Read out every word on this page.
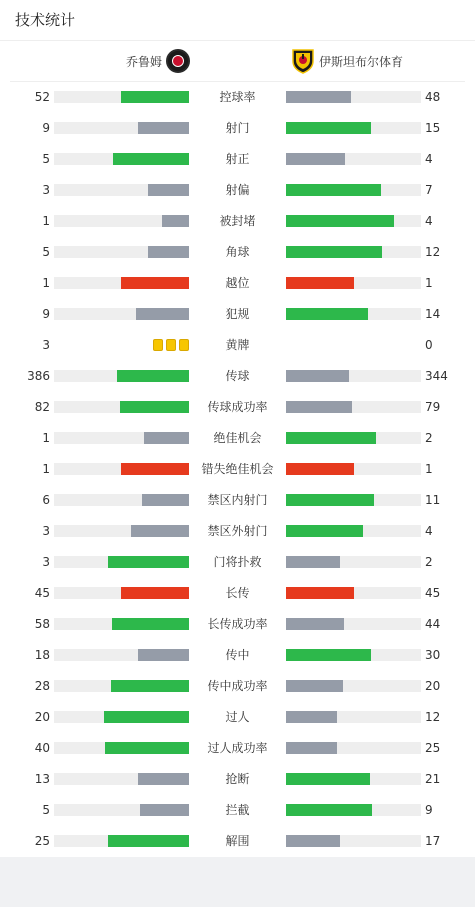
技术统计
乔鲁姆	伊斯坦布尔体育
52	控球率	48
9	射门	15
5	射正	4
3	射偏	7
1	被封堵	4
5	角球	12
1	越位	1
9	犯规	14
3	黄牌	0
386	传球	344
82	传球成功率	79
1	绝佳机会	2
1	错失绝佳机会	1
6	禁区内射门	11
3	禁区外射门	4
3	门将扑救	2
45	长传	45
58	长传成功率	44
18	传中	30
28	传中成功率	20
20	过人	12
40	过人成功率	25
13	抢断	21
5	拦截	9
25	解围	17
